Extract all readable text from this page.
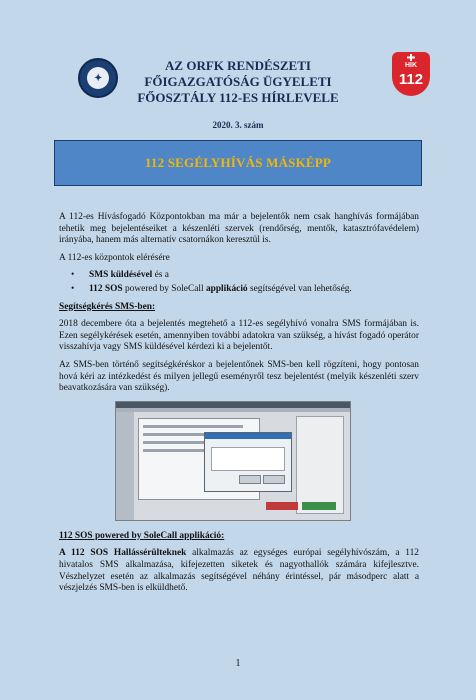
✦
AZ ORFK RENDÉSZETI
FŐIGAZGATÓSÁG ÜGYELETI
FŐOSZTÁLY 112-ES HÍRLEVELE
HIK
112
2020. 3. szám
112 SEGÉLYHÍVÁS MÁSKÉPP

A 112-es Hívásfogadó Központokban ma már a bejelentők nem csak hanghívás formájában tehetik meg bejelentéseiket a készenléti szervek (rendőrség, mentők, katasztrófavédelem) irányába, hanem más alternatív csatornákon keresztül is.

A 112-es központok elérésére

• SMS küldésével és a
• 112 SOS powered by SoleCall applikáció segítségével van lehetőség.

Segítségkérés SMS-ben:

2018 decembere óta a bejelentés megtehető a 112-es segélyhívó vonalra SMS formájában is. Ezen segélykérések esetén, amennyiben további adatokra van szükség, a hívást fogadó operátor visszahívja vagy SMS küldésével kérdezi ki a bejelentőt.

Az SMS-ben történő segítségkéréskor a bejelentőnek SMS-ben kell rögzíteni, hogy pontosan hová kéri az intézkedést és milyen jellegű eseményről tesz bejelentést (melyik készenléti szerv beavatkozására van szükség).

112 SOS powered by SoleCall applikáció:

A 112 SOS Hallássérülteknek alkalmazás az egységes európai segélyhívószám, a 112 hivatalos SMS alkalmazása, kifejezetten siketek és nagyothallók számára kifejlesztve. Vészhelyzet esetén az alkalmazás segítségével néhány érintéssel, pár másodperc alatt a vészjelzés SMS-ben is elküldhető.

1
